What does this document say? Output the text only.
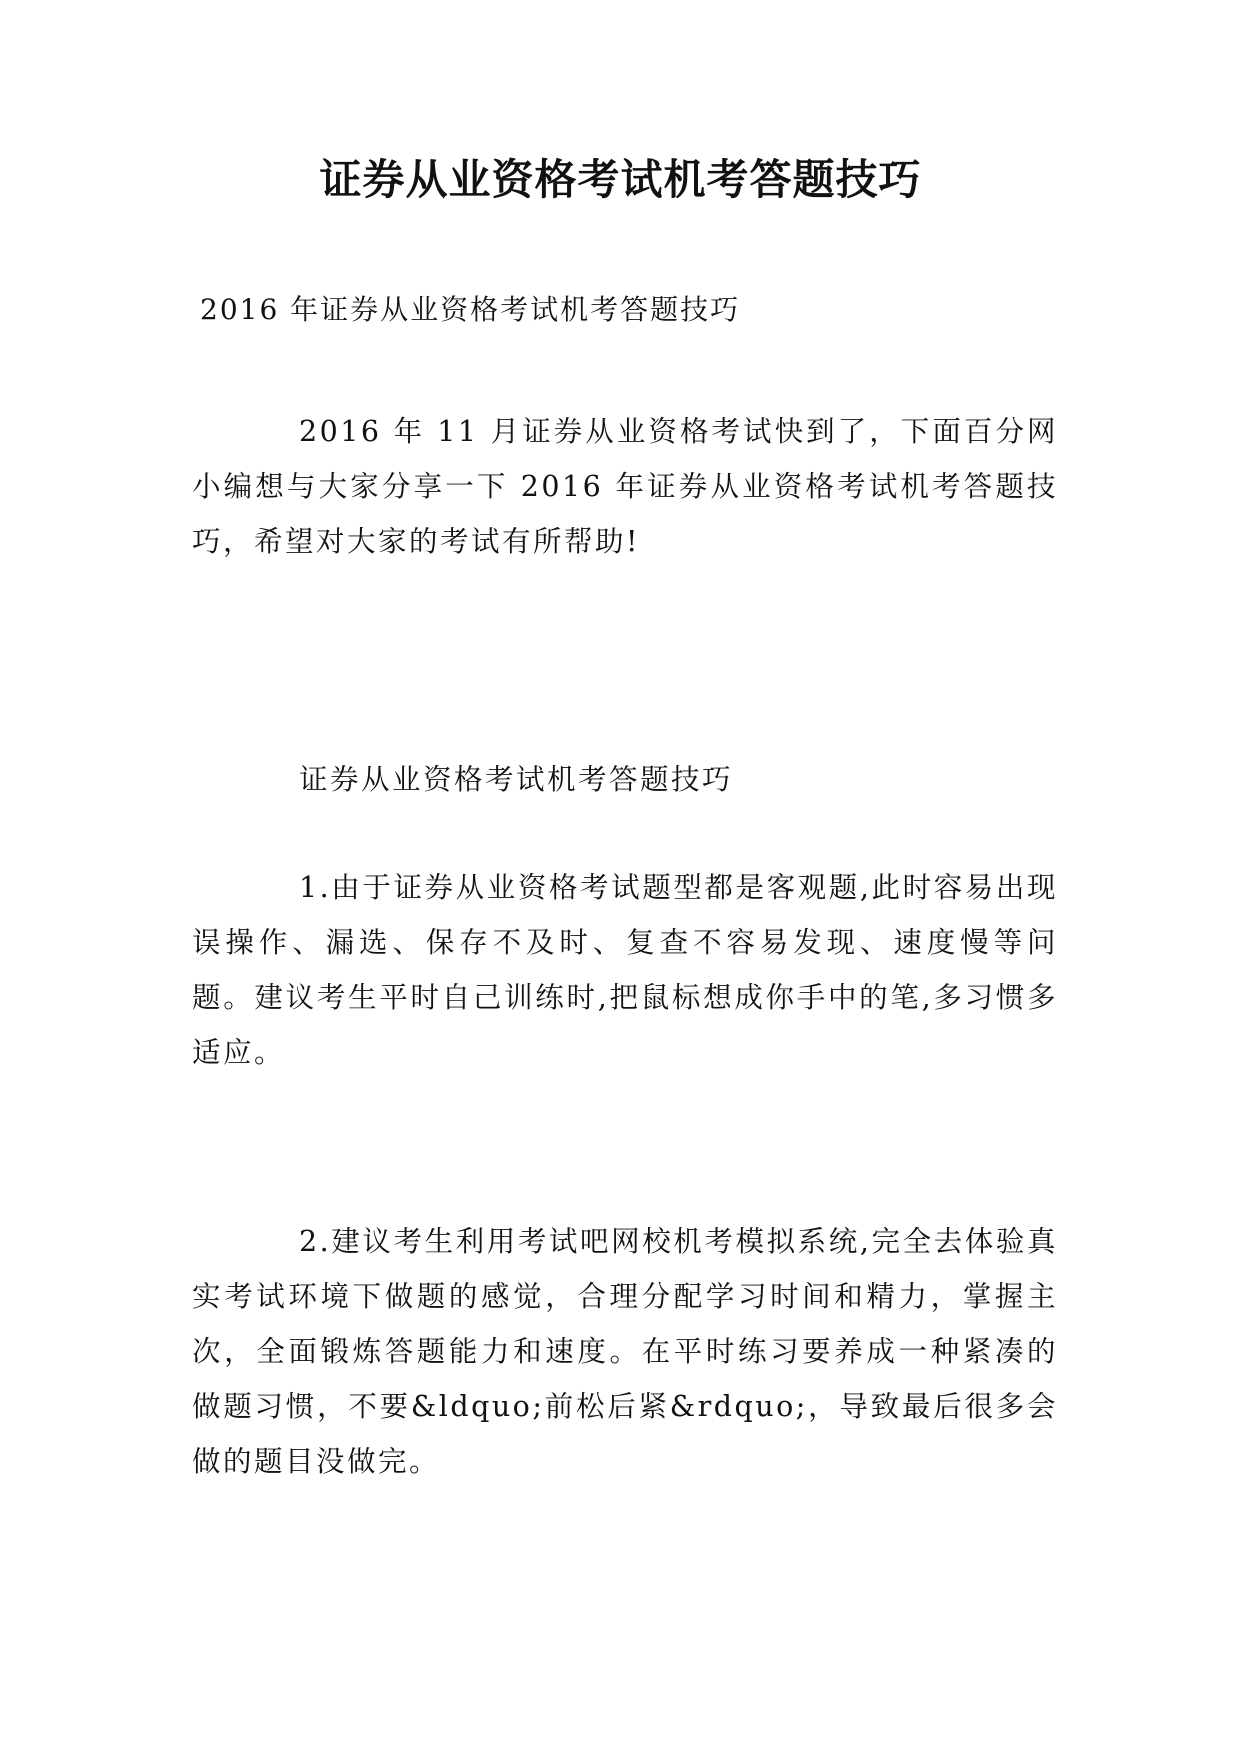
证券从业资格考试机考答题技巧

2016 年证券从业资格考试机考答题技巧

2016 年 11 月证券从业资格考试快到了，下面百分网小编想与大家分享一下 2016 年证券从业资格考试机考答题技巧，希望对大家的考试有所帮助!

证券从业资格考试机考答题技巧

1.由于证券从业资格考试题型都是客观题,此时容易出现误操作、漏选、保存不及时、复查不容易发现、速度慢等问题。建议考生平时自己训练时,把鼠标想成你手中的笔,多习惯多适应。

2.建议考生利用考试吧网校机考模拟系统,完全去体验真实考试环境下做题的感觉，合理分配学习时间和精力，掌握主次，全面锻炼答题能力和速度。在平时练习要养成一种紧凑的做题习惯，不要&ldquo;前松后紧&rdquo;，导致最后很多会做的题目没做完。
